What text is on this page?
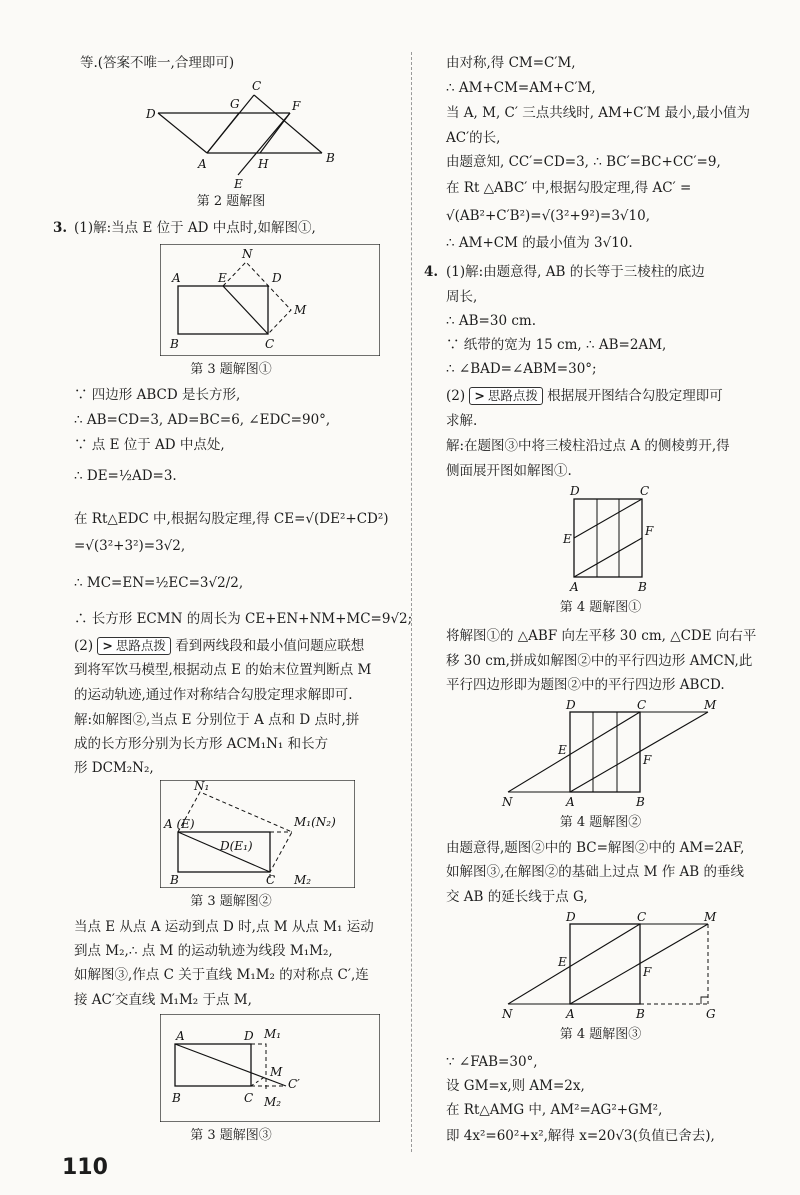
等.(答案不唯一,合理即可)
D
C
G	F
A	H	B
E
第 2 题解图
3. (1)解:当点 E 位于 AD 中点时,如解图①,
N
A	E	D
M
B	C
第 3 题解图①
∵ 四边形 ABCD 是长方形,
∴ AB=CD=3, AD=BC=6, ∠EDC=90°,
∵ 点 E 位于 AD 中点处,
∴ DE=½AD=3.
在 Rt△EDC 中,根据勾股定理,得 CE=√(DE²+CD²)
=√(3²+3²)=3√2,
∴ MC=EN=½EC=3√2/2,
∴ 长方形 ECMN 的周长为 CE+EN+NM+MC=9√2;
(2) > 思路点拨 看到两线段和最小值问题应联想
到将军饮马模型,根据动点 E 的始末位置判断点 M
的运动轨迹,通过作对称结合勾股定理求解即可.
解:如解图②,当点 E 分别位于 A 点和 D 点时,拼
成的长方形分别为长方形 ACM₁N₁ 和长方
形 DCM₂N₂,
N₁
A (E)	M₁(N₂)
D(E₁)
B	C M₂
第 3 题解图②
当点 E 从点 A 运动到点 D 时,点 M 从点 M₁ 运动
到点 M₂,∴ 点 M 的运动轨迹为线段 M₁M₂,
如解图③,作点 C 关于直线 M₁M₂ 的对称点 C′,连
接 AC′交直线 M₁M₂ 于点 M,
A	D M₁
M
C′
B	C M₂
第 3 题解图③
由对称,得 CM=C′M,
∴ AM+CM=AM+C′M,
当 A, M, C′ 三点共线时, AM+C′M 最小,最小值为
AC′的长,
由题意知, CC′=CD=3, ∴ BC′=BC+CC′=9,
在 Rt △ABC′ 中,根据勾股定理,得 AC′ =
√(AB²+C′B²)=√(3²+9²)=3√10,
∴ AM+CM 的最小值为 3√10.
4. (1)解:由题意得, AB 的长等于三棱柱的底边
周长,
∴ AB=30 cm.
∵ 纸带的宽为 15 cm, ∴ AB=2AM,
∴ ∠BAD=∠ABM=30°;
(2) > 思路点拨 根据展开图结合勾股定理即可
求解.
解:在题图③中将三棱柱沿过点 A 的侧棱剪开,得
侧面展开图如解图①.
D	C
E
F
A	B
第 4 题解图①
将解图①的 △ABF 向左平移 30 cm, △CDE 向右平
移 30 cm,拼成如解图②中的平行四边形 AMCN,此
平行四边形即为题图②中的平行四边形 ABCD.
D	C	M
E
F
N	A	B
第 4 题解图②
由题意得,题图②中的 BC=解图②中的 AM=2AF,
如解图③,在解图②的基础上过点 M 作 AB 的垂线
交 AB 的延长线于点 G,
D	C	M
E
F
N	A	B	G
第 4 题解图③
∵ ∠FAB=30°,
设 GM=x,则 AM=2x,
在 Rt△AMG 中, AM²=AG²+GM²,
即 4x²=60²+x²,解得 x=20√3(负值已舍去),
110
